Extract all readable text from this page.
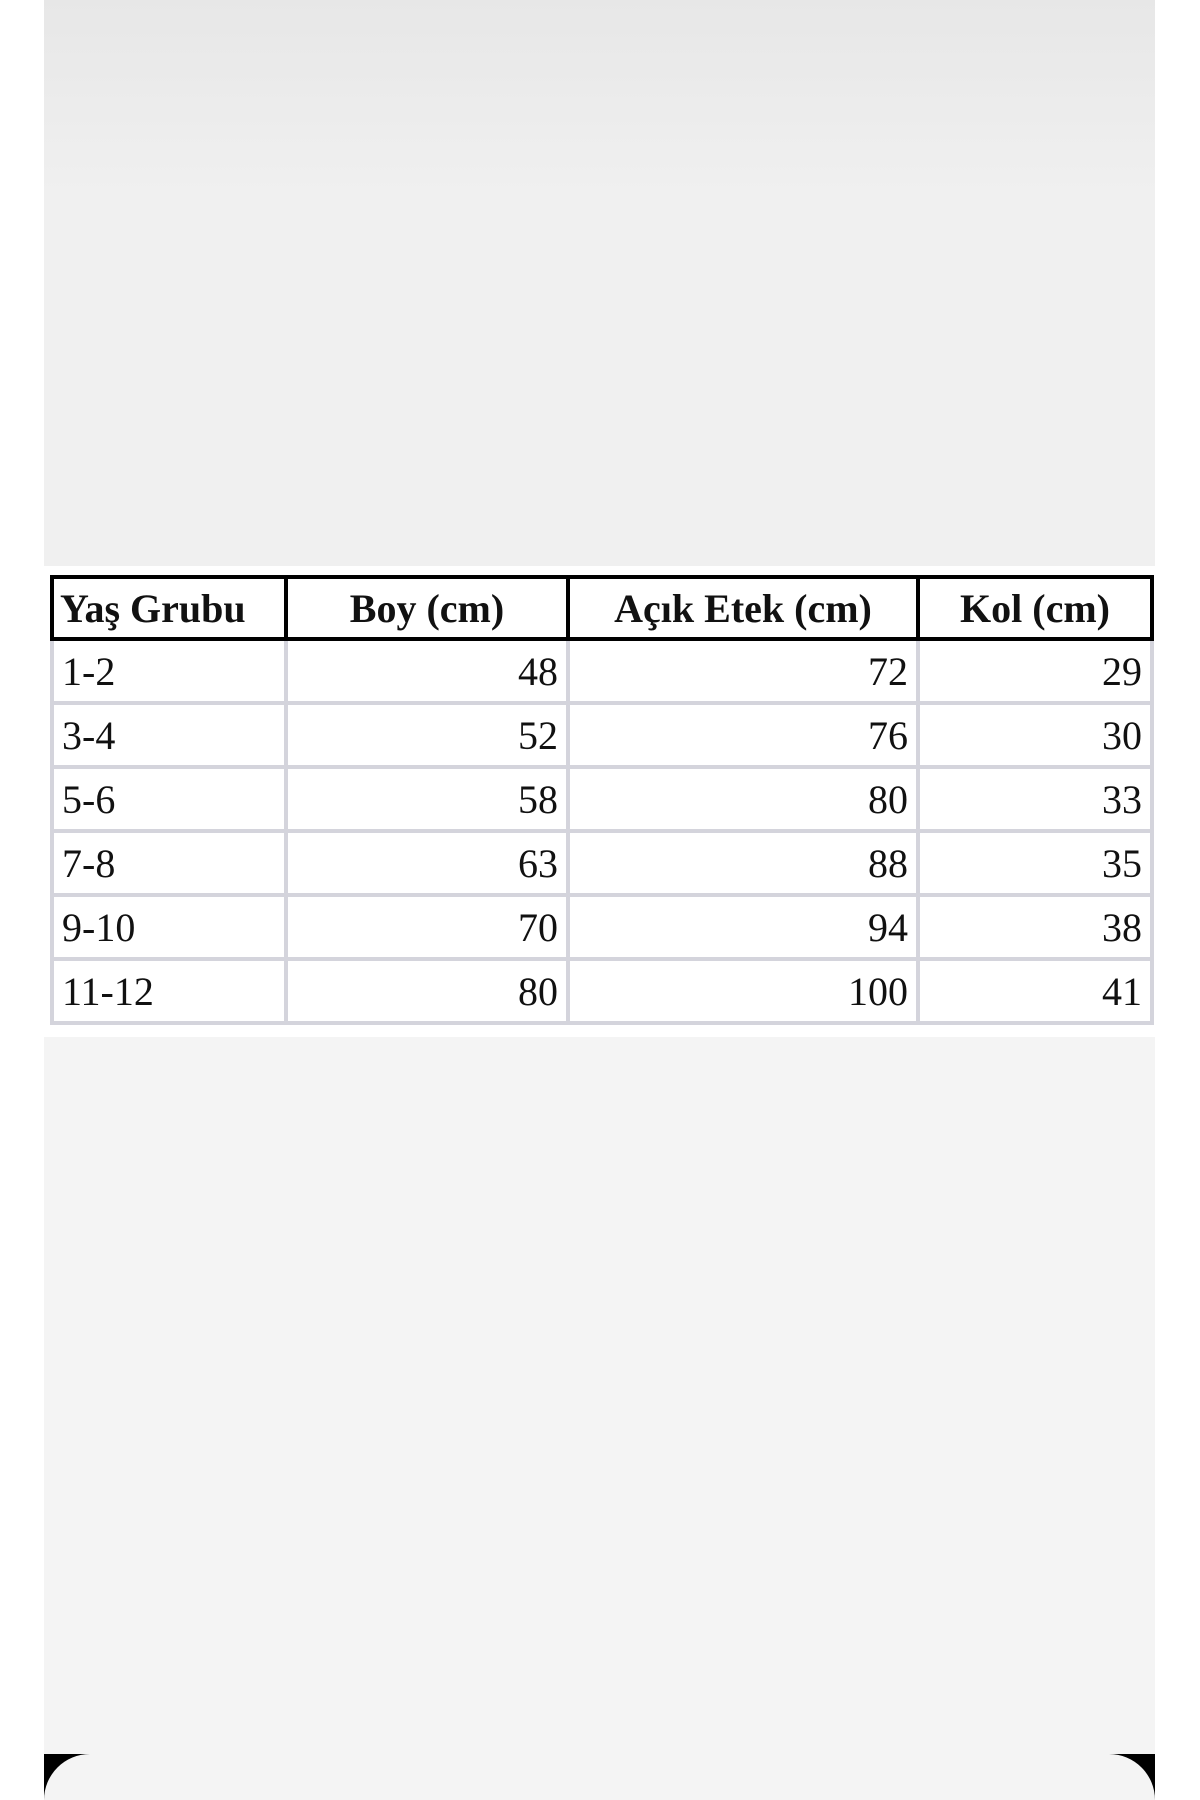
Yaş Grubu	Boy (cm)	Açık Etek (cm)	Kol (cm)
1-2	48	72	29
3-4	52	76	30
5-6	58	80	33
7-8	63	88	35
9-10	70	94	38
11-12	80	100	41
